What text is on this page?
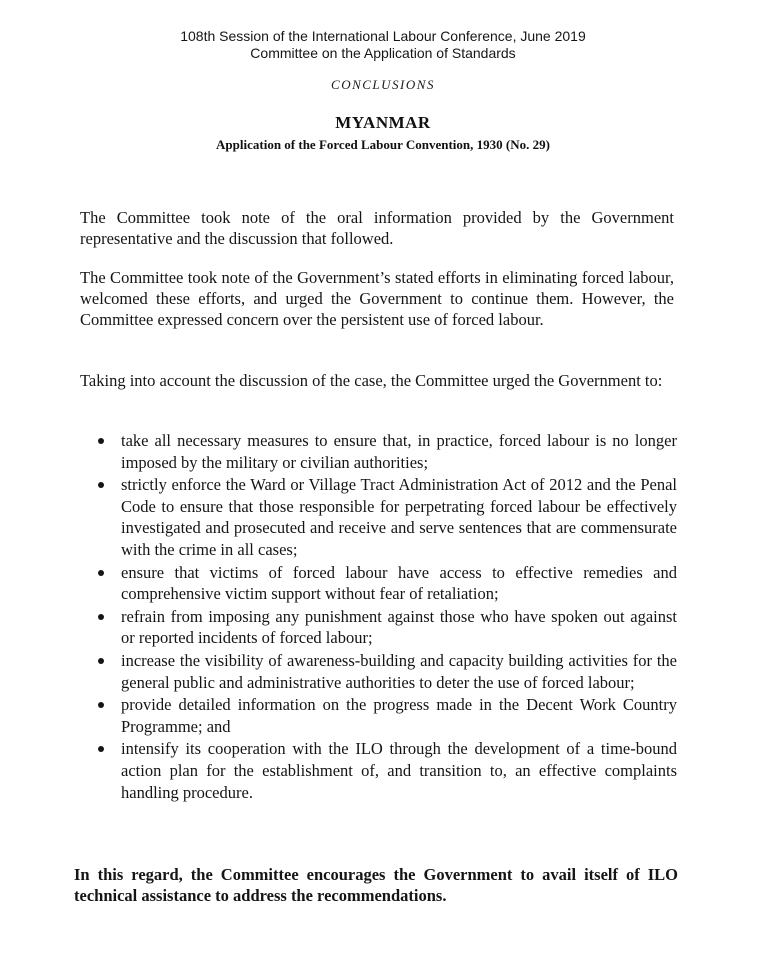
108th Session of the International Labour Conference, June 2019
Committee on the Application of Standards
CONCLUSIONS
MYANMAR
Application of the Forced Labour Convention, 1930 (No. 29)

The Committee took note of the oral information provided by the Government representative and the discussion that followed.

The Committee took note of the Government’s stated efforts in eliminating forced labour, welcomed these efforts, and urged the Government to continue them. However, the Committee expressed concern over the persistent use of forced labour.

Taking into account the discussion of the case, the Committee urged the Government to:

take all necessary measures to ensure that, in practice, forced labour is no longer imposed by the military or civilian authorities;
strictly enforce the Ward or Village Tract Administration Act of 2012 and the Penal Code to ensure that those responsible for perpetrating forced labour be effectively investigated and prosecuted and receive and serve sentences that are commensurate with the crime in all cases;
ensure that victims of forced labour have access to effective remedies and comprehensive victim support without fear of retaliation;
refrain from imposing any punishment against those who have spoken out against or reported incidents of forced labour;
increase the visibility of awareness-building and capacity building activities for the general public and administrative authorities to deter the use of forced labour;
provide detailed information on the progress made in the Decent Work Country Programme; and
intensify its cooperation with the ILO through the development of a time-bound action plan for the establishment of, and transition to, an effective complaints handling procedure.

In this regard, the Committee encourages the Government to avail itself of ILO technical assistance to address the recommendations.
